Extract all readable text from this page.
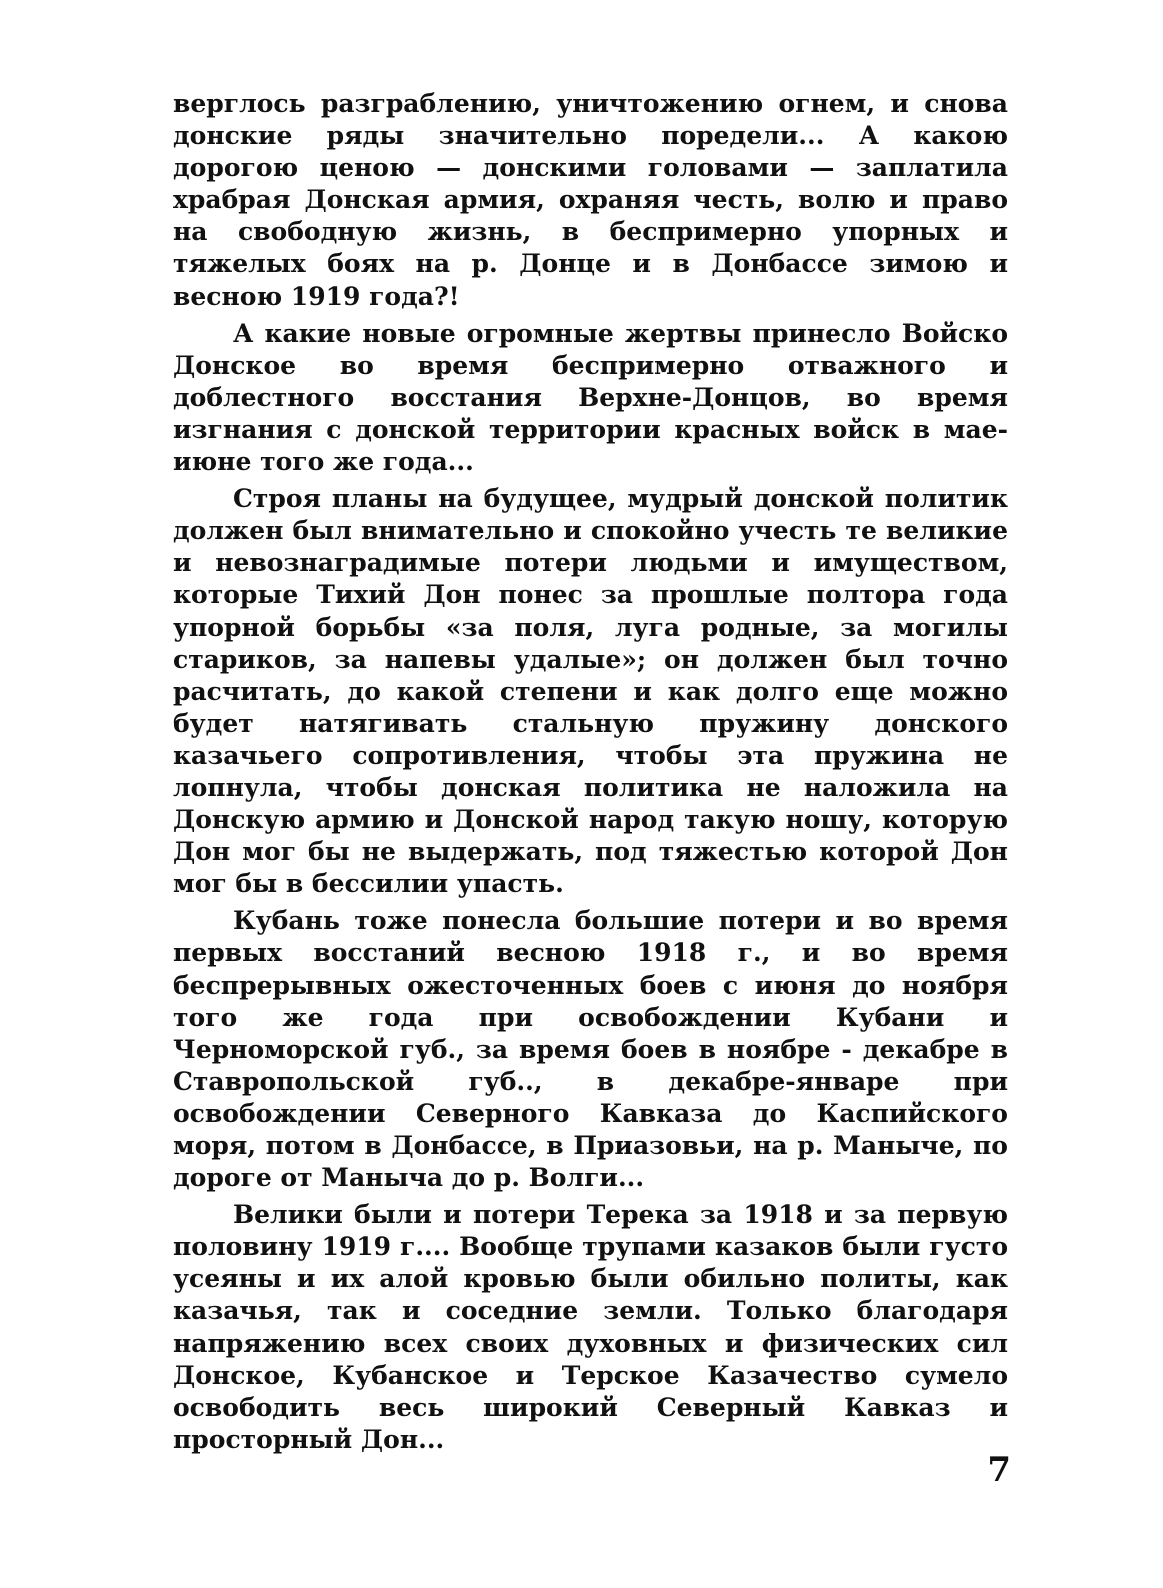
верглось разграблению, уничтожению огнем, и снова донские ряды значительно поредели... А какою дорогою ценою — донскими головами — заплатила храбрая Донская армия, охраняя честь, волю и право на свободную жизнь, в беспримерно упорных и тяжелых боях на р. Донце и в Донбассе зимою и весною 1919 года?!

А какие новые огромные жертвы принесло Войско Донское во время беспримерно отважного и доблестного восстания Верхне-Донцов, во время изгнания с донской территории красных войск в мае-июне того же года...

Строя планы на будущее, мудрый донской политик должен был внимательно и спокойно учесть те великие и невознаградимые потери людьми и имуществом, которые Тихий Дон понес за прошлые полтора года упорной борьбы «за поля, луга родные, за могилы стариков, за напевы удалые»; он должен был точно расчитать, до какой степени и как долго еще можно будет натягивать стальную пружину донского казачьего сопротивления, чтобы эта пружина не лопнула, чтобы донская политика не наложила на Донскую армию и Донской народ такую ношу, которую Дон мог бы не выдержать, под тяжестью которой Дон мог бы в бессилии упасть.

Кубань тоже понесла большие потери и во время первых восстаний весною 1918 г., и во время беспрерывных ожесточенных боев с июня до ноября того же года при освобождении Кубани и Черноморской губ., за время боев в ноябре - декабре в Ставропольской губ.., в декабре-январе при освобождении Северного Кавказа до Каспийского моря, потом в Донбассе, в Приазовьи, на р. Маныче, по дороге от Маныча до р. Волги...

Велики были и потери Терека за 1918 и за первую половину 1919 г.... Вообще трупами казаков были густо усеяны и их алой кровью были обильно политы, как казачья, так и соседние земли. Только благодаря напряжению всех своих духовных и физических сил Донское, Кубанское и Терское Казачество сумело освободить весь широкий Северный Кавказ и просторный Дон...

7
